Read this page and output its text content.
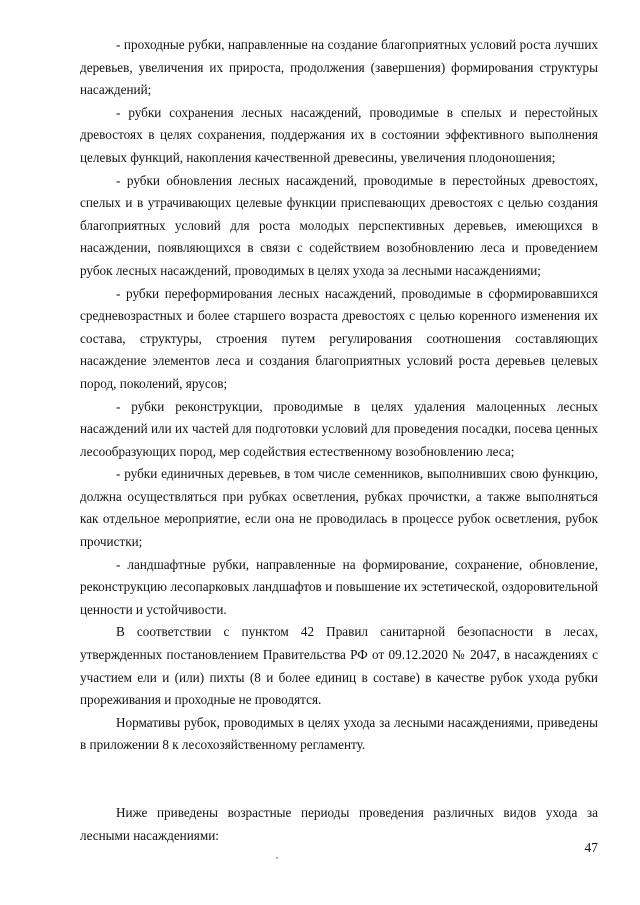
- проходные рубки, направленные на создание благоприятных условий роста лучших деревьев, увеличения их прироста, продолжения (завершения) формирования структуры насаждений;

- рубки сохранения лесных насаждений, проводимые в спелых и перестойных древостоях в целях сохранения, поддержания их в состоянии эффективного выполнения целевых функций, накопления качественной древесины, увеличения плодоношения;

- рубки обновления лесных насаждений, проводимые в перестойных древостоях, спелых и в утрачивающих целевые функции приспевающих древостоях с целью создания благоприятных условий для роста молодых перспективных деревьев, имеющихся в насаждении, появляющихся в связи с содействием возобновлению леса и проведением рубок лесных насаждений, проводимых в целях ухода за лесными насаждениями;

- рубки переформирования лесных насаждений, проводимые в сформировавшихся средневозрастных и более старшего возраста древостоях с целью коренного изменения их состава, структуры, строения путем регулирования соотношения составляющих насаждение элементов леса и создания благоприятных условий роста деревьев целевых пород, поколений, ярусов;

- рубки реконструкции, проводимые в целях удаления малоценных лесных насаждений или их частей для подготовки условий для проведения посадки, посева ценных лесообразующих пород, мер содействия естественному возобновлению леса;

- рубки единичных деревьев, в том числе семенников, выполнивших свою функцию, должна осуществляться при рубках осветления, рубках прочистки, а также выполняться как отдельное мероприятие, если она не проводилась в процессе рубок осветления, рубок прочистки;

- ландшафтные рубки, направленные на формирование, сохранение, обновление, реконструкцию лесопарковых ландшафтов и повышение их эстетической, оздоровительной ценности и устойчивости.

В соответствии с пунктом 42 Правил санитарной безопасности в лесах, утвержденных постановлением Правительства РФ от 09.12.2020 № 2047, в насаждениях с участием ели и (или) пихты (8 и более единиц в составе) в качестве рубок ухода рубки прореживания и проходные не проводятся.

Нормативы рубок, проводимых в целях ухода за лесными насаждениями, приведены в приложении 8 к лесохозяйственному регламенту.

Ниже приведены возрастные периоды проведения различных видов ухода за лесными насаждениями:

47
